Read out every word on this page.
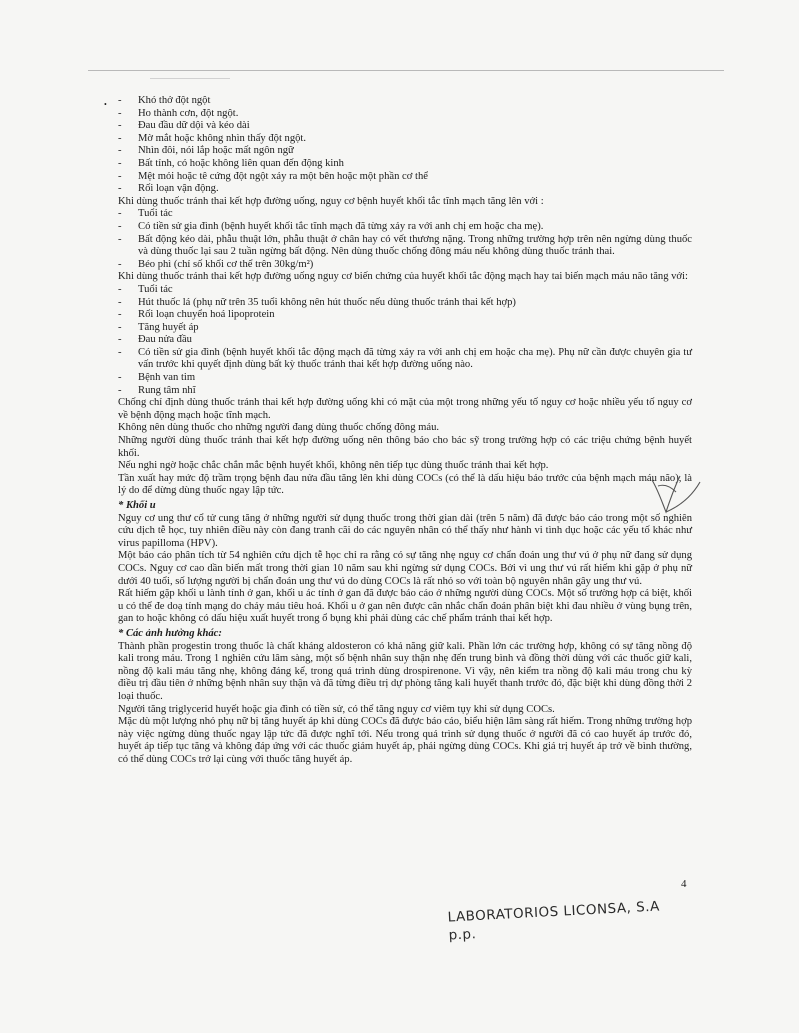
•
-	Khó thở đột ngột
- Ho thành cơn, đột ngột.
- Đau đầu dữ dội và kéo dài
- Mờ mắt hoặc không nhìn thấy đột ngột.
- Nhìn đôi, nói lắp hoặc mất ngôn ngữ
- Bất tỉnh, có hoặc không liên quan đến động kinh
- Mệt mỏi hoặc tê cứng đột ngột xảy ra một bên hoặc một phần cơ thể
- Rối loạn vận động.

Khi dùng thuốc tránh thai kết hợp đường uống, nguy cơ bệnh huyết khối tắc tĩnh mạch tăng lên với :

- Tuổi tác
- Có tiền sử gia đình (bệnh huyết khối tắc tĩnh mạch đã từng xảy ra với anh chị em hoặc cha mẹ).
- Bất động kéo dài, phẫu thuật lớn, phẫu thuật ở chân hay có vết thương nặng. Trong những trường hợp trên nên ngừng dùng thuốc và dùng thuốc lại sau 2 tuần ngừng bất động. Nên dùng thuốc chống đông máu nếu không dùng thuốc tránh thai.
- Béo phì (chỉ số khối cơ thể trên 30kg/m²)

Khi dùng thuốc tránh thai kết hợp đường uống nguy cơ biến chứng của huyết khối tắc động mạch hay tai biến mạch máu não tăng với:

- Tuổi tác
- Hút thuốc lá (phụ nữ trên 35 tuổi không nên hút thuốc nếu dùng thuốc tránh thai kết hợp)
- Rối loạn chuyển hoá lipoprotein
- Tăng huyết áp
- Đau nửa đầu
- Có tiền sử gia đình (bệnh huyết khối tắc động mạch đã từng xảy ra với anh chị em hoặc cha mẹ). Phụ nữ cần được chuyên gia tư vấn trước khi quyết định dùng bất kỳ thuốc tránh thai kết hợp đường uống nào.
- Bệnh van tim
- Rung tâm nhĩ

Chống chỉ định dùng thuốc tránh thai kết hợp đường uống khi có mặt của một trong những yếu tố nguy cơ hoặc nhiều yếu tố nguy cơ về bệnh động mạch hoặc tĩnh mạch.

Không nên dùng thuốc cho những người đang dùng thuốc chống đông máu.

Những người dùng thuốc tránh thai kết hợp đường uống nên thông báo cho bác sỹ trong trường hợp có các triệu chứng bệnh huyết khối.

Nếu nghi ngờ hoặc chắc chắn mắc bệnh huyết khối, không nên tiếp tục dùng thuốc tránh thai kết hợp.

Tần xuất hay mức độ trầm trọng bệnh đau nửa đầu tăng lên khi dùng COCs (có thể là dấu hiệu báo trước của bệnh mạch máu não), là lý do để dừng dùng thuốc ngay lập tức.

* Khối u

Nguy cơ ung thư cổ tử cung tăng ở những người sử dụng thuốc trong thời gian dài (trên 5 năm) đã được báo cáo trong một số nghiên cứu dịch tễ học, tuy nhiên điều này còn đang tranh cãi do các nguyên nhân có thể thấy như hành vi tình dục hoặc các yếu tố khác như virus papilloma (HPV).

Một báo cáo phân tích từ 54 nghiên cứu dịch tễ học chỉ ra rằng có sự tăng nhẹ nguy cơ chẩn đoán ung thư vú ở phụ nữ đang sử dụng COCs. Nguy cơ cao dần biến mất trong thời gian 10 năm sau khi ngừng sử dụng COCs. Bởi vì ung thư vú rất hiếm khi gặp ở phụ nữ dưới 40 tuổi, số lượng người bị chẩn đoán ung thư vú do dùng COCs là rất nhỏ so với toàn bộ nguyên nhân gây ung thư vú.

Rất hiếm gặp khối u lành tính ở gan, khối u ác tính ở gan đã được báo cáo ở những người dùng COCs. Một số trường hợp cá biệt, khối u có thể đe doạ tính mạng do chảy máu tiêu hoá. Khối u ở gan nên được cân nhắc chẩn đoán phân biệt khi đau nhiều ở vùng bụng trên, gan to hoặc không có dấu hiệu xuất huyết trong ổ bụng khi phải dùng các chế phẩm tránh thai kết hợp.

* Các ảnh hưởng khác:

Thành phần progestin trong thuốc là chất kháng aldosteron có khả năng giữ kali. Phần lớn các trường hợp, không có sự tăng nồng độ kali trong máu. Trong 1 nghiên cứu lâm sàng, một số bệnh nhân suy thận nhẹ đến trung bình và đồng thời dùng với các thuốc giữ kali, nồng độ kali máu tăng nhẹ, không đáng kể, trong quá trình dùng drospirenone. Vì vậy, nên kiểm tra nồng độ kali máu trong chu kỳ điều trị đầu tiên ở những bệnh nhân suy thận và đã từng điều trị dự phòng tăng kali huyết thanh trước đó, đặc biệt khi dùng đồng thời 2 loại thuốc.

Người tăng triglycerid huyết hoặc gia đình có tiền sử, có thể tăng nguy cơ viêm tụy khi sử dụng COCs.

Mặc dù một lượng nhỏ phụ nữ bị tăng huyết áp khi dùng COCs đã được báo cáo, biểu hiện lâm sàng rất hiếm. Trong những trường hợp này việc ngừng dùng thuốc ngay lập tức đã được nghĩ tới. Nếu trong quá trình sử dụng thuốc ở người đã có cao huyết áp trước đó, huyết áp tiếp tục tăng và không đáp ứng với các thuốc giảm huyết áp, phải ngừng dùng COCs. Khi giá trị huyết áp trở về bình thường, có thể dùng COCs trở lại cùng với thuốc tăng huyết áp.

4
LABORATORIOS LICONSA, S.A
p.p.
